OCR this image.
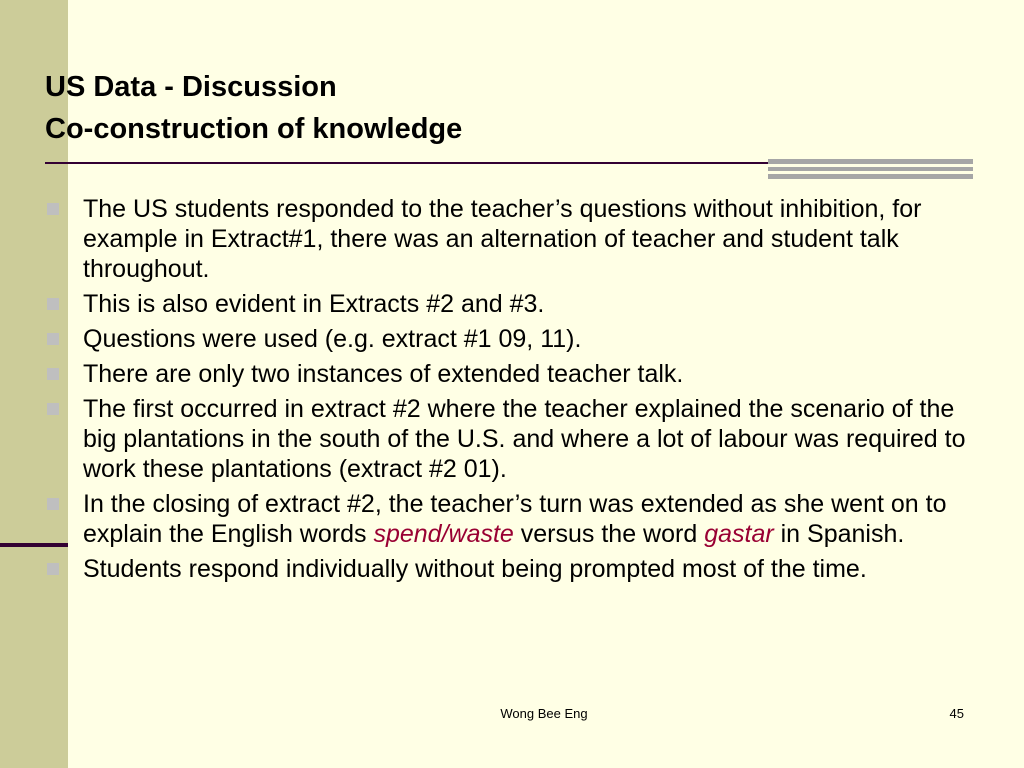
US Data - Discussion
Co-construction of knowledge
The US students responded to the teacher’s questions without inhibition, for example in Extract#1, there was an alternation of teacher and student talk throughout.
This is also evident in Extracts #2 and #3.
Questions were used (e.g. extract #1 09, 11).
There are only two instances of extended teacher talk.
The first occurred in extract #2 where the teacher explained the scenario of the big plantations in the south of the U.S. and where a lot of labour was required to work these plantations (extract #2 01).
In the closing of extract #2, the teacher’s turn was extended as she went on to explain the English words spend/waste versus the word gastar in Spanish.
Students respond individually without being prompted most of the time.
Wong Bee Eng	45
